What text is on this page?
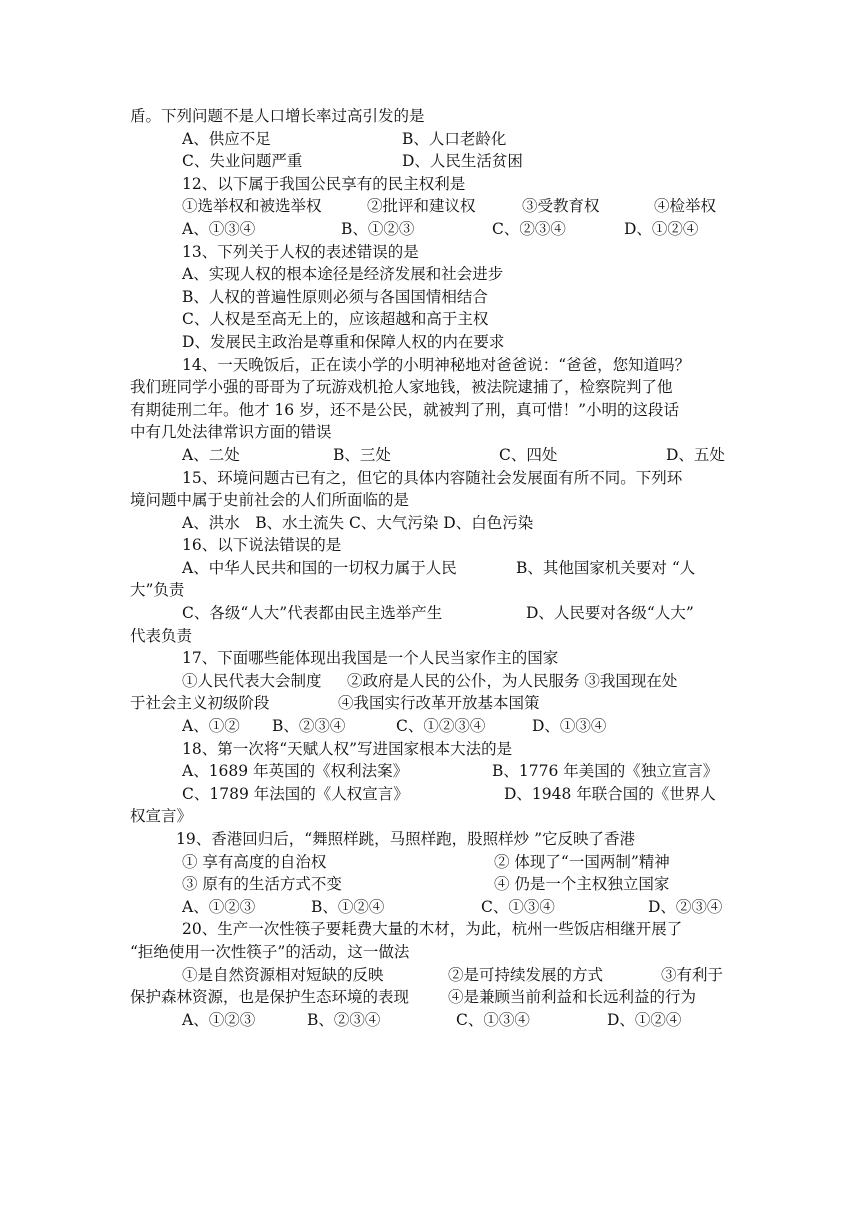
盾。下列问题不是人口增长率过高引发的是
A、供应不足	B、人口老龄化
C、失业问题严重	D、人民生活贫困
12、以下属于我国公民享有的民主权利是
①选举权和被选举权	②批评和建议权	③受教育权	④检举权
A、①③④	B、①②③	C、②③④	D、①②④
13、下列关于人权的表述错误的是
A、实现人权的根本途径是经济发展和社会进步
B、人权的普遍性原则必须与各国国情相结合
C、人权是至高无上的，应该超越和高于主权
D、发展民主政治是尊重和保障人权的内在要求
14、一天晚饭后，正在读小学的小明神秘地对爸爸说：“爸爸，您知道吗？
我们班同学小强的哥哥为了玩游戏机抢人家地钱，被法院逮捕了，检察院判了他
有期徒刑二年。他才 16 岁，还不是公民，就被判了刑，真可惜！”小明的这段话
中有几处法律常识方面的错误
A、二处	B、三处	C、四处	D、五处
15、环境问题古已有之，但它的具体内容随社会发展面有所不同。下列环
境问题中属于史前社会的人们所面临的是
A、洪水　B、水土流失 C、大气污染 D、白色污染
16、以下说法错误的是
A、中华人民共和国的一切权力属于人民	B、其他国家机关要对 “人
大”负责
C、各级“人大”代表都由民主选举产生	D、人民要对各级“人大”
代表负责
17、下面哪些能体现出我国是一个人民当家作主的国家
①人民代表大会制度 ②政府是人民的公仆，为人民服务 ③我国现在处
于社会主义初级阶段	④我国实行改革开放基本国策
A、①② B、②③④	C、①②③④	D、①③④
18、第一次将“天赋人权”写进国家根本大法的是
A、1689 年英国的《权利法案》	B、1776 年美国的《独立宣言》
C、1789 年法国的《人权宣言》	D、1948 年联合国的《世界人
权宣言》
19、香港回归后，“舞照样跳，马照样跑，股照样炒 ”它反映了香港
① 享有高度的自治权	② 体现了“一国两制”精神
③ 原有的生活方式不变	④ 仍是一个主权独立国家
A、①②③	B、①②④	C、①③④	D、②③④
20、生产一次性筷子要耗费大量的木材，为此，杭州一些饭店相继开展了
“拒绝使用一次性筷子”的活动，这一做法
①是自然资源相对短缺的反映	②是可持续发展的方式	③有利于
保护森林资源，也是保护生态环境的表现	④是兼顾当前利益和长远利益的行为
A、①②③	B、②③④	C、①③④	D、①②④
